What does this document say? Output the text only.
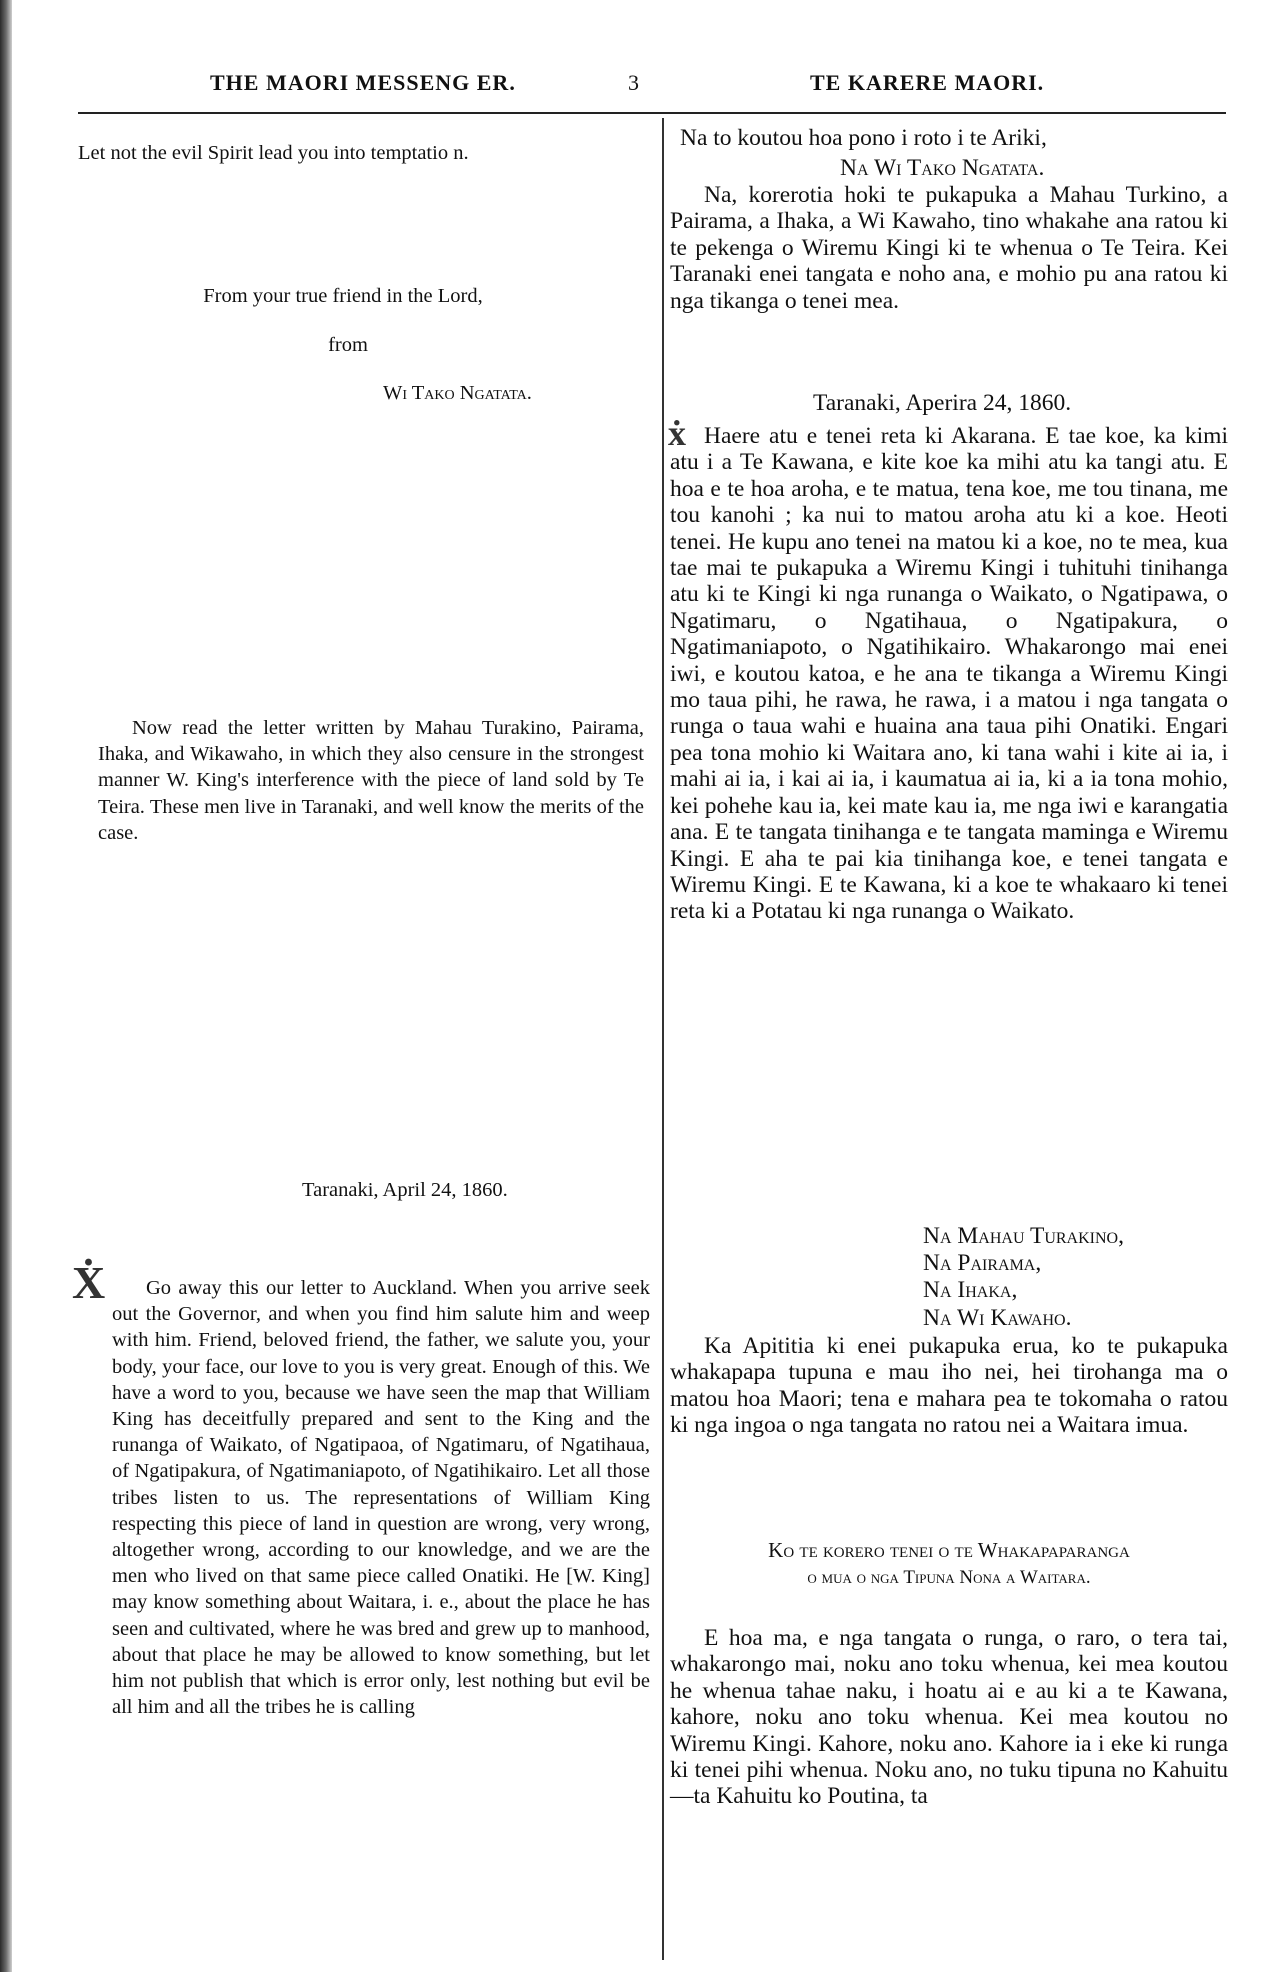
THE MAORI MESSENG ER.	3	TE KARERE MAORI.

Let not the evil Spirit lead you into temptatio n.

From your true friend in the Lord,

from

Wi Tako Ngatata.

Now read the letter written by Mahau Turakino, Pairama, Ihaka, and Wikawaho, in which they also censure in the strongest manner W. King's interference with the piece of land sold by Te Teira. These men live in Taranaki, and well know the merits of the case.

Taranaki, April 24, 1860.

Go away this our letter to Auckland. When you arrive seek out the Governor, and when you find him salute him and weep with him. Friend, beloved friend, the father, we salute you, your body, your face, our love to you is very great. Enough of this. We have a word to you, because we have seen the map that William King has deceitfully prepared and sent to the King and the runanga of Waikato, of Ngatipaoa, of Ngatimaru, of Ngatihaua, of Ngatipakura, of Ngatimaniapoto, of Ngatihikairo. Let all those tribes listen to us. The representations of William King respecting this piece of land in question are wrong, very wrong, altogether wrong, according to our knowledge, and we are the men who lived on that same piece called Onatiki. He [W. King] may know something about Waitara, i. e., about the place he has seen and cultivated, where he was bred and grew up to manhood, about that place he may be allowed to know something, but let him not publish that which is error only, lest nothing but evil be all him and all the tribes he is calling

Ẋ

Na to koutou hoa pono i roto i te Ariki,

Na Wi Tako Ngatata.

Na, korerotia hoki te pukapuka a Mahau Turkino, a Pairama, a Ihaka, a Wi Kawaho, tino whakahe ana ratou ki te pekenga o Wiremu Kingi ki te whenua o Te Teira. Kei Taranaki enei tangata e noho ana, e mohio pu ana ratou ki nga tikanga o tenei mea.

Taranaki, Aperira 24, 1860.

Haere atu e tenei reta ki Akarana. E tae koe, ka kimi atu i a Te Kawana, e kite koe ka mihi atu ka tangi atu. E hoa e te hoa aroha, e te matua, tena koe, me tou tinana, me tou kanohi ; ka nui to matou aroha atu ki a koe. Heoti tenei. He kupu ano tenei na matou ki a koe, no te mea, kua tae mai te pukapuka a Wiremu Kingi i tuhituhi tinihanga atu ki te Kingi ki nga runanga o Waikato, o Ngatipawa, o Ngatimaru, o Ngatihaua, o Ngatipakura, o Ngatimaniapoto, o Ngatihikairo. Whakarongo mai enei iwi, e koutou katoa, e he ana te tikanga a Wiremu Kingi mo taua pihi, he rawa, he rawa, i a matou i nga tangata o runga o taua wahi e huaina ana taua pihi Onatiki. Engari pea tona mohio ki Waitara ano, ki tana wahi i kite ai ia, i mahi ai ia, i kai ai ia, i kaumatua ai ia, ki a ia tona mohio, kei pohehe kau ia, kei mate kau ia, me nga iwi e karangatia ana. E te tangata tinihanga e te tangata maminga e Wiremu Kingi. E aha te pai kia tinihanga koe, e tenei tangata e Wiremu Kingi. E te Kawana, ki a koe te whakaaro ki tenei reta ki a Potatau ki nga runanga o Waikato.

Na Mahau Turakino,

Na Pairama,

Na Ihaka,

Na Wi Kawaho.

Ka Apititia ki enei pukapuka erua, ko te pukapuka whakapapa tupuna e mau iho nei, hei tirohanga ma o matou hoa Maori; tena e mahara pea te tokomaha o ratou ki nga ingoa o nga tangata no ratou nei a Waitara imua.

Ko te korero tenei o te Whakapaparanga

o mua o nga Tipuna Nona a Waitara.

E hoa ma, e nga tangata o runga, o raro, o tera tai, whakarongo mai, noku ano toku whenua, kei mea koutou he whenua tahae naku, i hoatu ai e au ki a te Kawana, kahore, noku ano toku whenua. Kei mea koutou no Wiremu Kingi. Kahore, noku ano. Kahore ia i eke ki runga ki tenei pihi whenua. Noku ano, no tuku tipuna no Kahuitu—ta Kahuitu ko Poutina, ta

ẋ
